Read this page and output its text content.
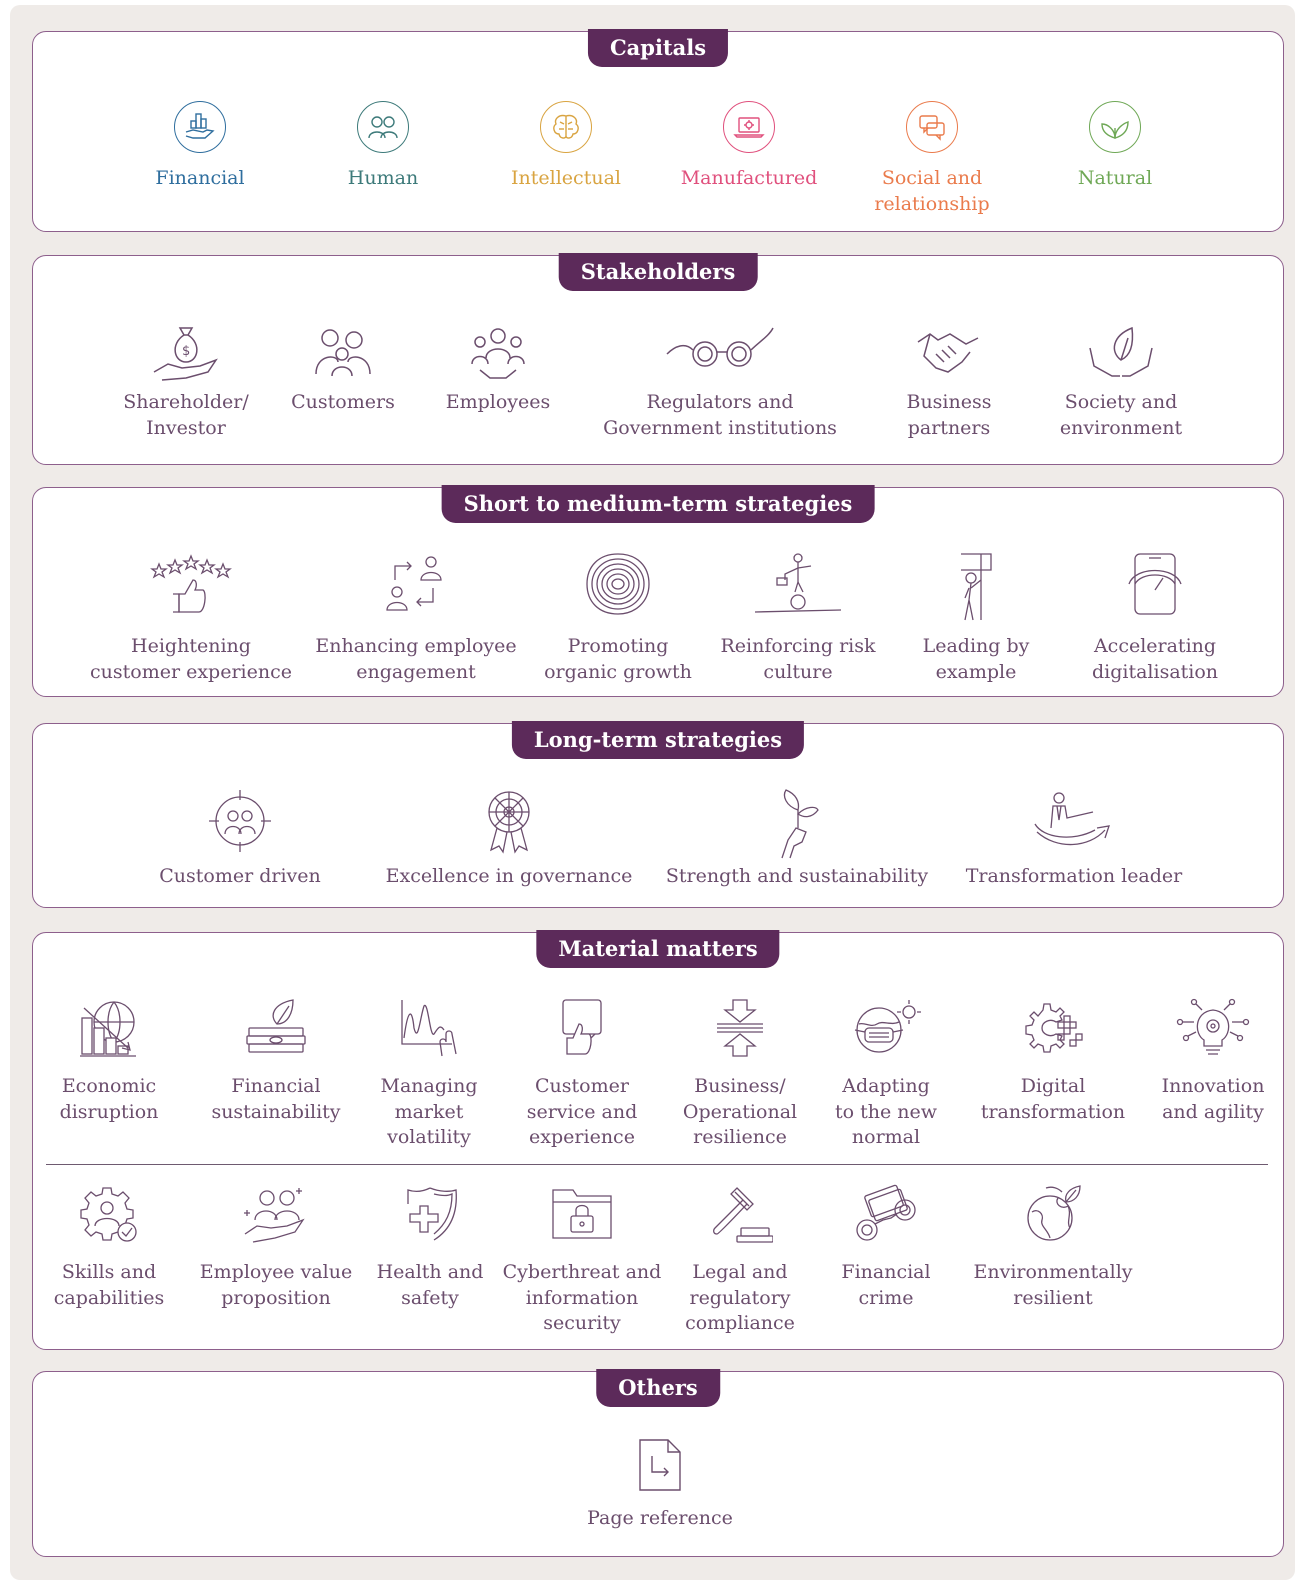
Capitals
Financial	Human	Intellectual	Manufactured	Social and
relationship
Natural
Stakeholders
$
Shareholder/
Investor
Customers	Employees	Regulators and
Government institutions
Business
partners
Society and
environment
Short to medium-term strategies
Heightening
customer experience
Enhancing employee
engagement
Promoting
organic growth
Reinforcing risk
culture
Leading by
example
Accelerating
digitalisation
Long-term strategies
Customer driven	Excellence in governance Strength and sustainability	Transformation leader
Material matters
Economic
disruption
Financial
sustainability
Managing
market
volatility
Customer
service and
experience
Business/
Operational
resilience
Adapting
to the new
normal
Digital
transformation
Innovation
and agility
Skills and
capabilities
Employee value
proposition
Health and
safety
Cyberthreat and
information
security
Legal and
regulatory
compliance
Financial
crime
Environmentally
resilient
Others
Page reference
